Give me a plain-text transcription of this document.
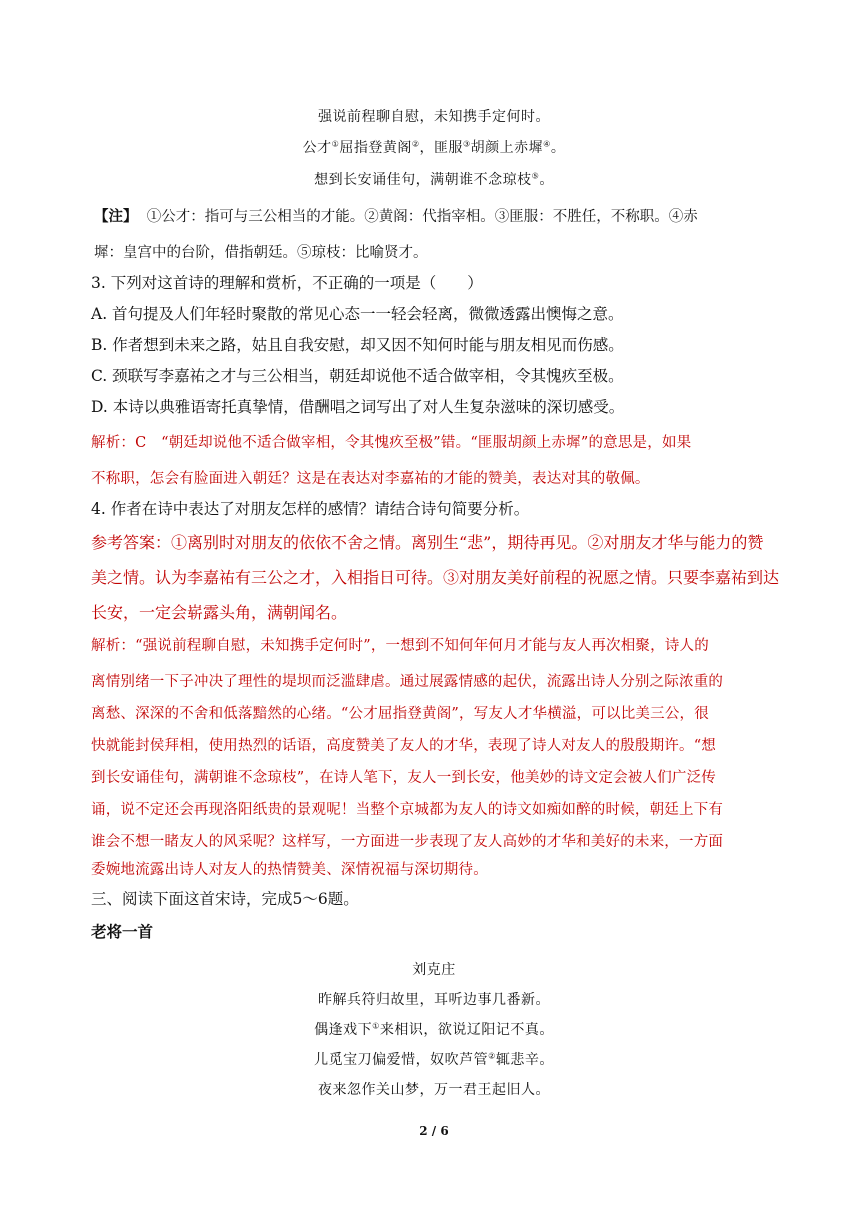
强说前程聊自慰，未知携手定何时。
公才①屈指登黄阁②，匪服③胡颜上赤墀④。
想到长安诵佳句，满朝谁不念琼枝⑤。
【注】 ①公才：指可与三公相当的才能。②黄阁：代指宰相。③匪服：不胜任，不称职。④赤
墀：皇宫中的台阶，借指朝廷。⑤琼枝：比喻贤才。
3. 下列对这首诗的理解和赏析，不正确的一项是（　　）
A. 首句提及人们年轻时聚散的常见心态一一轻会轻离，微微透露出懊悔之意。
B. 作者想到未来之路，姑且自我安慰，却又因不知何时能与朋友相见而伤感。
C. 颈联写李嘉祐之才与三公相当，朝廷却说他不适合做宰相，令其愧疚至极。
D. 本诗以典雅语寄托真挚情，借酬唱之词写出了对人生复杂滋味的深切感受。
解析：C　“朝廷却说他不适合做宰相，令其愧疚至极”错。“匪服胡颜上赤墀”的意思是，如果
不称职，怎会有脸面进入朝廷？这是在表达对李嘉祐的才能的赞美，表达对其的敬佩。
4. 作者在诗中表达了对朋友怎样的感情？请结合诗句简要分析。
参考答案：①离别时对朋友的依依不舍之情。离别生“悲”，期待再见。②对朋友才华与能力的赞
美之情。认为李嘉祐有三公之才，入相指日可待。③对朋友美好前程的祝愿之情。只要李嘉祐到达
长安，一定会崭露头角，满朝闻名。
解析：“强说前程聊自慰，未知携手定何时”，一想到不知何年何月才能与友人再次相聚，诗人的
离情别绪一下子冲决了理性的堤坝而泛滥肆虐。通过展露情感的起伏，流露出诗人分别之际浓重的
离愁、深深的不舍和低落黯然的心绪。“公才屈指登黄阁”，写友人才华横溢，可以比美三公，很
快就能封侯拜相，使用热烈的话语，高度赞美了友人的才华，表现了诗人对友人的殷殷期许。“想
到长安诵佳句，满朝谁不念琼枝”，在诗人笔下，友人一到长安，他美妙的诗文定会被人们广泛传
诵，说不定还会再现洛阳纸贵的景观呢！当整个京城都为友人的诗文如痴如醉的时候，朝廷上下有
谁会不想一睹友人的风采呢？这样写，一方面进一步表现了友人高妙的才华和美好的未来，一方面
委婉地流露出诗人对友人的热情赞美、深情祝福与深切期待。
三、阅读下面这首宋诗，完成5～6题。
老将一首
刘克庄
昨解兵符归故里，耳听边事几番新。
偶逢戏下①来相识，欲说辽阳记不真。
儿觅宝刀偏爱惜，奴吹芦管②辄悲辛。
夜来忽作关山梦，万一君王起旧人。
2 / 6
